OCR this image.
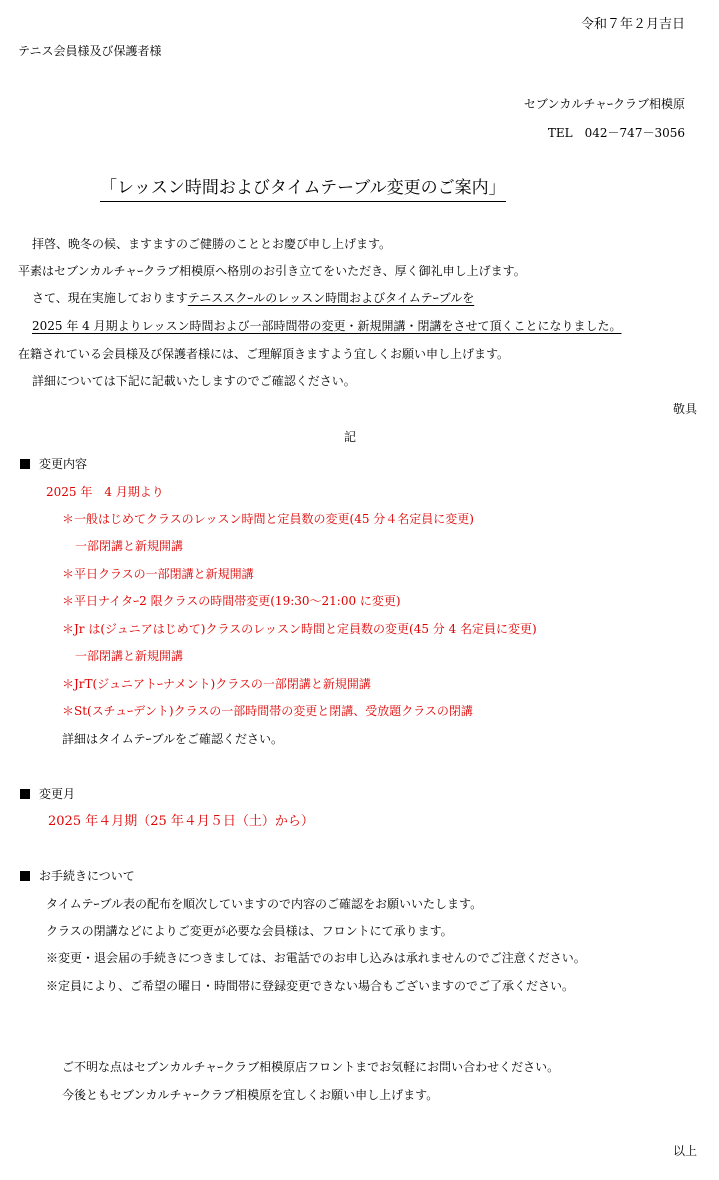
令和７年２月吉日
テニス会員様及び保護者様
セブンカルチャｰクラブ相模原
TEL　042－747－3056
「レッスン時間およびタイムテーブル変更のご案内」
拝啓、晩冬の候、ますますのご健勝のこととお慶び申し上げます。
平素はセブンカルチャｰクラブ相模原へ格別のお引き立てをいただき、厚く御礼申し上げます。
さて、現在実施しておりますテニススクｰルのレッスン時間およびタイムテｰブルを
2025 年 4 月期よりレッスン時間および一部時間帯の変更・新規開講・閉講をさせて頂くことになりました。
在籍されている会員様及び保護者様には、ご理解頂きますよう宜しくお願い申し上げます。
詳細については下記に記載いたしますのでご確認ください。
敬具
記
変更内容
2025 年　4 月期より
＊一般はじめてクラスのレッスン時間と定員数の変更(45 分４名定員に変更)
一部閉講と新規開講
＊平日クラスの一部閉講と新規開講
＊平日ナイタｰ2 限クラスの時間帯変更(19:30～21:00 に変更)
＊Jr は(ジュニアはじめて)クラスのレッスン時間と定員数の変更(45 分 4 名定員に変更)
一部閉講と新規開講
＊JrT(ジュニアトｰナメント)クラスの一部閉講と新規開講
＊St(スチュｰデント)クラスの一部時間帯の変更と閉講、受放題クラスの閉講
詳細はタイムテｰブルをご確認ください。
変更月
2025 年４月期（25 年４月５日（土）から）
お手続きについて
タイムテｰブル表の配布を順次していますので内容のご確認をお願いいたします。
クラスの閉講などによりご変更が必要な会員様は、フロントにて承ります。
※変更・退会届の手続きにつきましては、お電話でのお申し込みは承れませんのでご注意ください。
※定員により、ご希望の曜日・時間帯に登録変更できない場合もございますのでご了承ください。
ご不明な点はセブンカルチャｰクラブ相模原店フロントまでお気軽にお問い合わせください。
今後ともセブンカルチャｰクラブ相模原を宜しくお願い申し上げます。
以上
